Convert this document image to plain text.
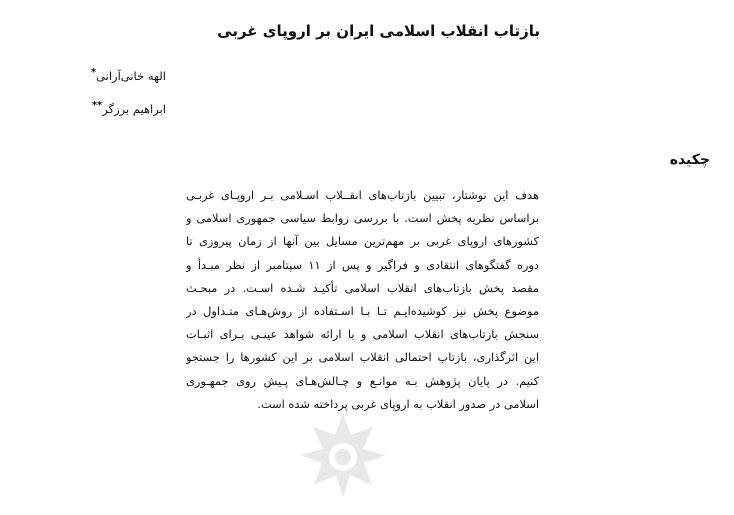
بازتاب انقلاب اسلامی ایران بر اروپای غربی

الهه خانی‌آرانی*

ابراهیم برزگر**

چکیده
هدف این نوشتار، تبیین بازتاب‌های انقــلاب اسـلامی بـر اروپـای غربـی
براساس نظریه پخش است. با بررسی روابط سیاسی جمهوری اسلامی و
کشورهای اروپای غربی بر مهم‌ترین مسایل بین آنها از زمان پیروزی تا
دوره گفتگوهای انتقادی و فراگیر و پس از ۱۱ سپتامبر از نظر مبـدأ و
مقصد پخش بازتاب‌های انقلاب اسلامی تأکیـد شـده اسـت. در مبحـث
موضوع پخش نیز کوشیده‌ایـم تـا بـا اسـتفاده از روش‌هـای متـداول در
سنجش بازتاب‌های انقلاب اسلامی و با ارائه شواهد عینـی بـرای اثبـات
این اثرگذاری، بازتاب احتمالی انقلاب اسلامی بر این کشورها را جستجو
کنیم. در پایان پژوهش بـه موانـع و چـالش‌هـای پـیش روی جمهـوری
اسلامی در صدور انقلاب به اروپای غربی پرداخته شده است.
